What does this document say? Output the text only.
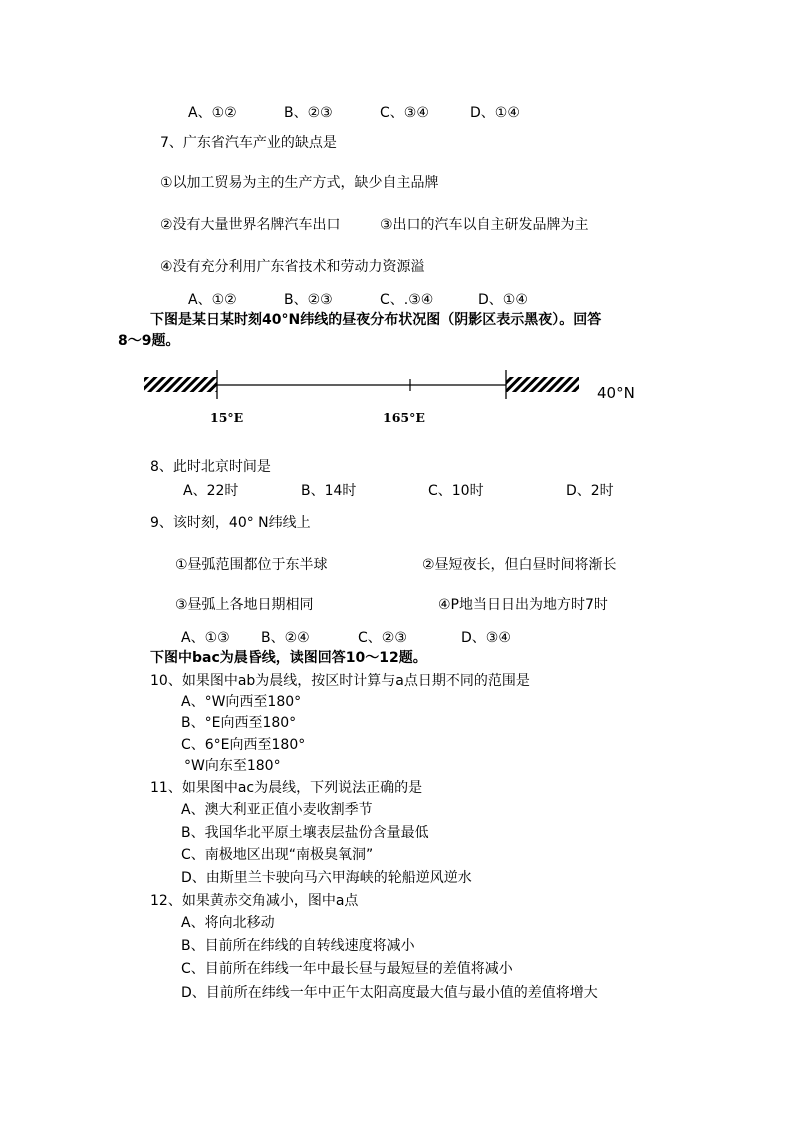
A、①②	B、②③	C、③④	D、①④
7、广东省汽车产业的缺点是
①以加工贸易为主的生产方式，缺少自主品牌
②没有大量世界名牌汽车出口	③出口的汽车以自主研发品牌为主
④没有充分利用广东省技术和劳动力资源溢
A、①②	B、②③	C、.③④	D、①④
下图是某日某时刻40°N纬线的昼夜分布状况图（阴影区表示黑夜）。回答
8～9题。
15°E	165°E
40°N
8、此时北京时间是
A、22时	B、14时	C、10时	D、2时
9、该时刻，40° N纬线上
①昼弧范围都位于东半球	②昼短夜长，但白昼时间将渐长
③昼弧上各地日期相同	④P地当日日出为地方时7时
A、①③ B、②④	C、②③	D、③④
下图中bac为晨昏线，读图回答10～12题。
10、如果图中ab为晨线，按区时计算与a点日期不同的范围是
A、°W向西至180°
B、°E向西至180°
C、6°E向西至180°
°W向东至180°
11、如果图中ac为晨线，下列说法正确的是
A、澳大利亚正值小麦收割季节
B、我国华北平原土壤表层盐份含量最低
C、南极地区出现“南极臭氧洞”
D、由斯里兰卡驶向马六甲海峡的轮船逆风逆水
12、如果黄赤交角减小，图中a点
A、将向北移动
B、目前所在纬线的自转线速度将减小
C、目前所在纬线一年中最长昼与最短昼的差值将减小
D、目前所在纬线一年中正午太阳高度最大值与最小值的差值将增大
